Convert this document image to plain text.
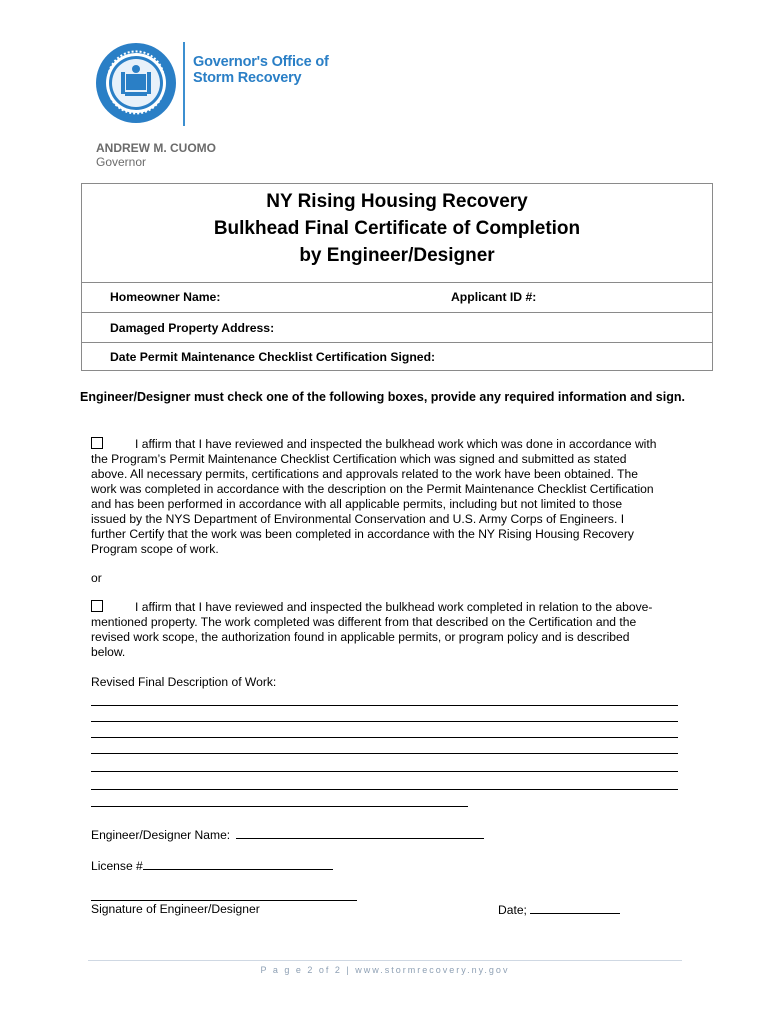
Governor's Office of
Storm Recovery
ANDREW M. CUOMO
Governor
NY Rising Housing Recovery
Bulkhead Final Certificate of Completion
by Engineer/Designer
Homeowner Name:	Applicant ID #:
Damaged Property Address:
Date Permit Maintenance Checklist Certification Signed:
Engineer/Designer must check one of the following boxes, provide any required information and sign.
I affirm that I have reviewed and inspected the bulkhead work which was done in accordance with
the Program’s Permit Maintenance Checklist Certification which was signed and submitted as stated
above. All necessary permits, certifications and approvals related to the work have been obtained. The
work was completed in accordance with the description on the Permit Maintenance Checklist Certification
and has been performed in accordance with all applicable permits, including but not limited to those
issued by the NYS Department of Environmental Conservation and U.S. Army Corps of Engineers. I
further Certify that the work was been completed in accordance with the NY Rising Housing Recovery
Program scope of work.
or
I affirm that I have reviewed and inspected the bulkhead work completed in relation to the above-
mentioned property. The work completed was different from that described on the Certification and the
revised work scope, the authorization found in applicable permits, or program policy and is described
below.
Revised Final Description of Work:
Engineer/Designer Name:
License #
Signature of Engineer/Designer	Date;
P a g e 2 of 2 | www.stormrecovery.ny.gov
